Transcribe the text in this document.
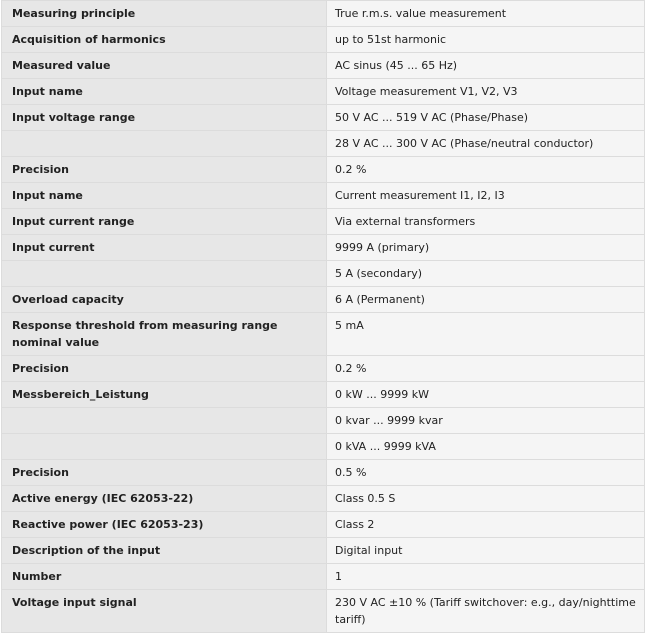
Measuring principle	True r.m.s. value measurement
Acquisition of harmonics	up to 51st harmonic
Measured value	AC sinus (45 ... 65 Hz)
Input name	Voltage measurement V1, V2, V3
Input voltage range	50 V AC ... 519 V AC (Phase/Phase)
	28 V AC ... 300 V AC (Phase/neutral conductor)
Precision	0.2 %
Input name	Current measurement I1, I2, I3
Input current range	Via external transformers
Input current	9999 A (primary)
	5 A (secondary)
Overload capacity	6 A (Permanent)
Response threshold from measuring range nominal value	5 mA
Precision	0.2 %
Messbereich_Leistung	0 kW ... 9999 kW
	0 kvar ... 9999 kvar
	0 kVA ... 9999 kVA
Precision	0.5 %
Active energy (IEC 62053-22)	Class 0.5 S
Reactive power (IEC 62053-23)	Class 2
Description of the input	Digital input
Number	1
Voltage input signal	230 V AC ±10 % (Tariff switchover: e.g., day/nighttime tariff)
